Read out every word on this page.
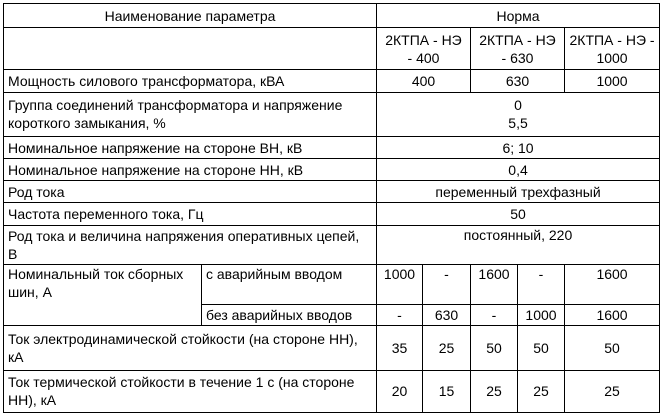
Наименование параметра		Норма				
		2КТПА - НЭ - 400		2КТПА - НЭ - 630		2КТПА - НЭ - 1000
Мощность силового трансформатора, кВА		400		630		1000
Группа соединений трансформатора и напряжение короткого замыкания, %		0
5,5				

Номинальное напряжение на стороне ВН, кВ		6; 10				
Номинальное напряжение на стороне НН, кВ		0,4				
Род тока		переменный трехфазный				
Частота переменного тока, Гц		50				
Род тока и величина напряжения оперативных цепей, В		постоянный, 220				
Номинальный ток сборных шин, А	с аварийным вводом	1000	-	1600	-	1600
	без аварийных вводов	-	630	-	1000	1600
Ток электродинамической стойкости (на стороне НН), кА		35	25	50	50	50
Ток термической стойкости в течение 1 с (на стороне НН), кА		20	15	25	25	25
